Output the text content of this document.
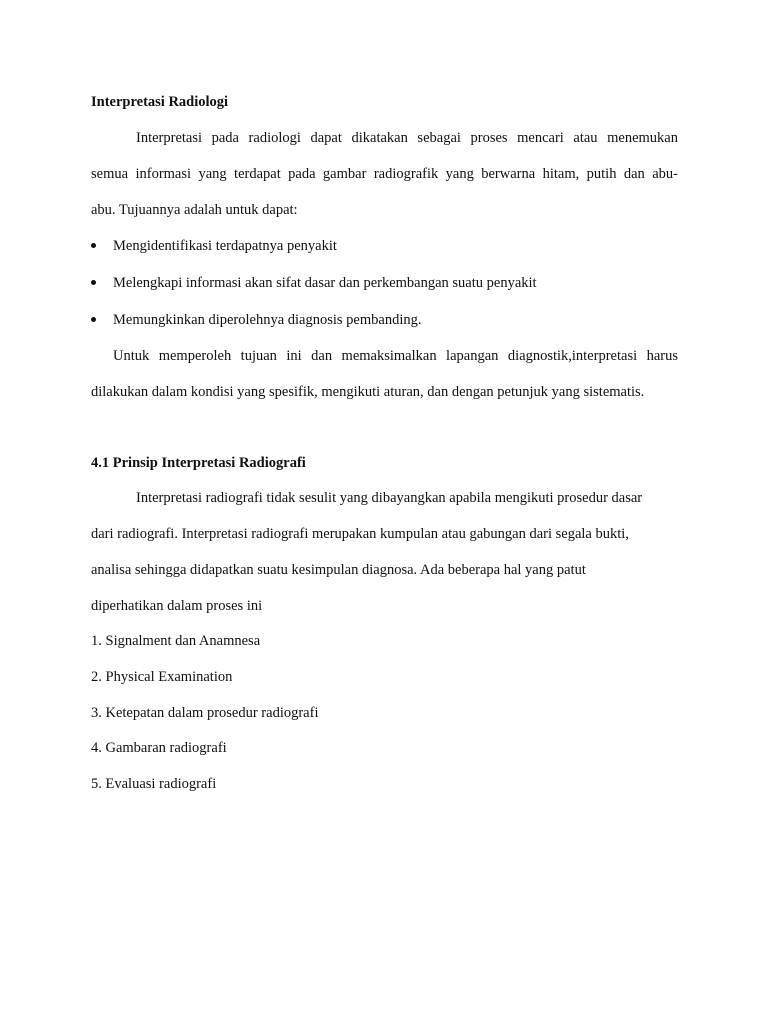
Interpretasi Radiologi
Interpretasi pada radiologi dapat dikatakan sebagai proses mencari atau menemukan
semua informasi yang terdapat pada gambar radiografik yang berwarna hitam, putih dan abu-
abu. Tujuannya adalah untuk dapat:
Mengidentifikasi terdapatnya penyakit
Melengkapi informasi akan sifat dasar dan perkembangan suatu penyakit
Memungkinkan diperolehnya diagnosis pembanding.
Untuk memperoleh tujuan ini dan memaksimalkan lapangan diagnostik,interpretasi harus
dilakukan dalam kondisi yang spesifik, mengikuti aturan, dan dengan petunjuk yang sistematis.
4.1 Prinsip Interpretasi Radiografi
Interpretasi radiografi tidak sesulit yang dibayangkan apabila mengikuti prosedur dasar
dari radiografi. Interpretasi radiografi merupakan kumpulan atau gabungan dari segala bukti,
analisa sehingga didapatkan suatu kesimpulan diagnosa. Ada beberapa hal yang patut
diperhatikan dalam proses ini
1. Signalment dan Anamnesa
2. Physical Examination
3. Ketepatan dalam prosedur radiografi
4. Gambaran radiografi
5. Evaluasi radiografi
